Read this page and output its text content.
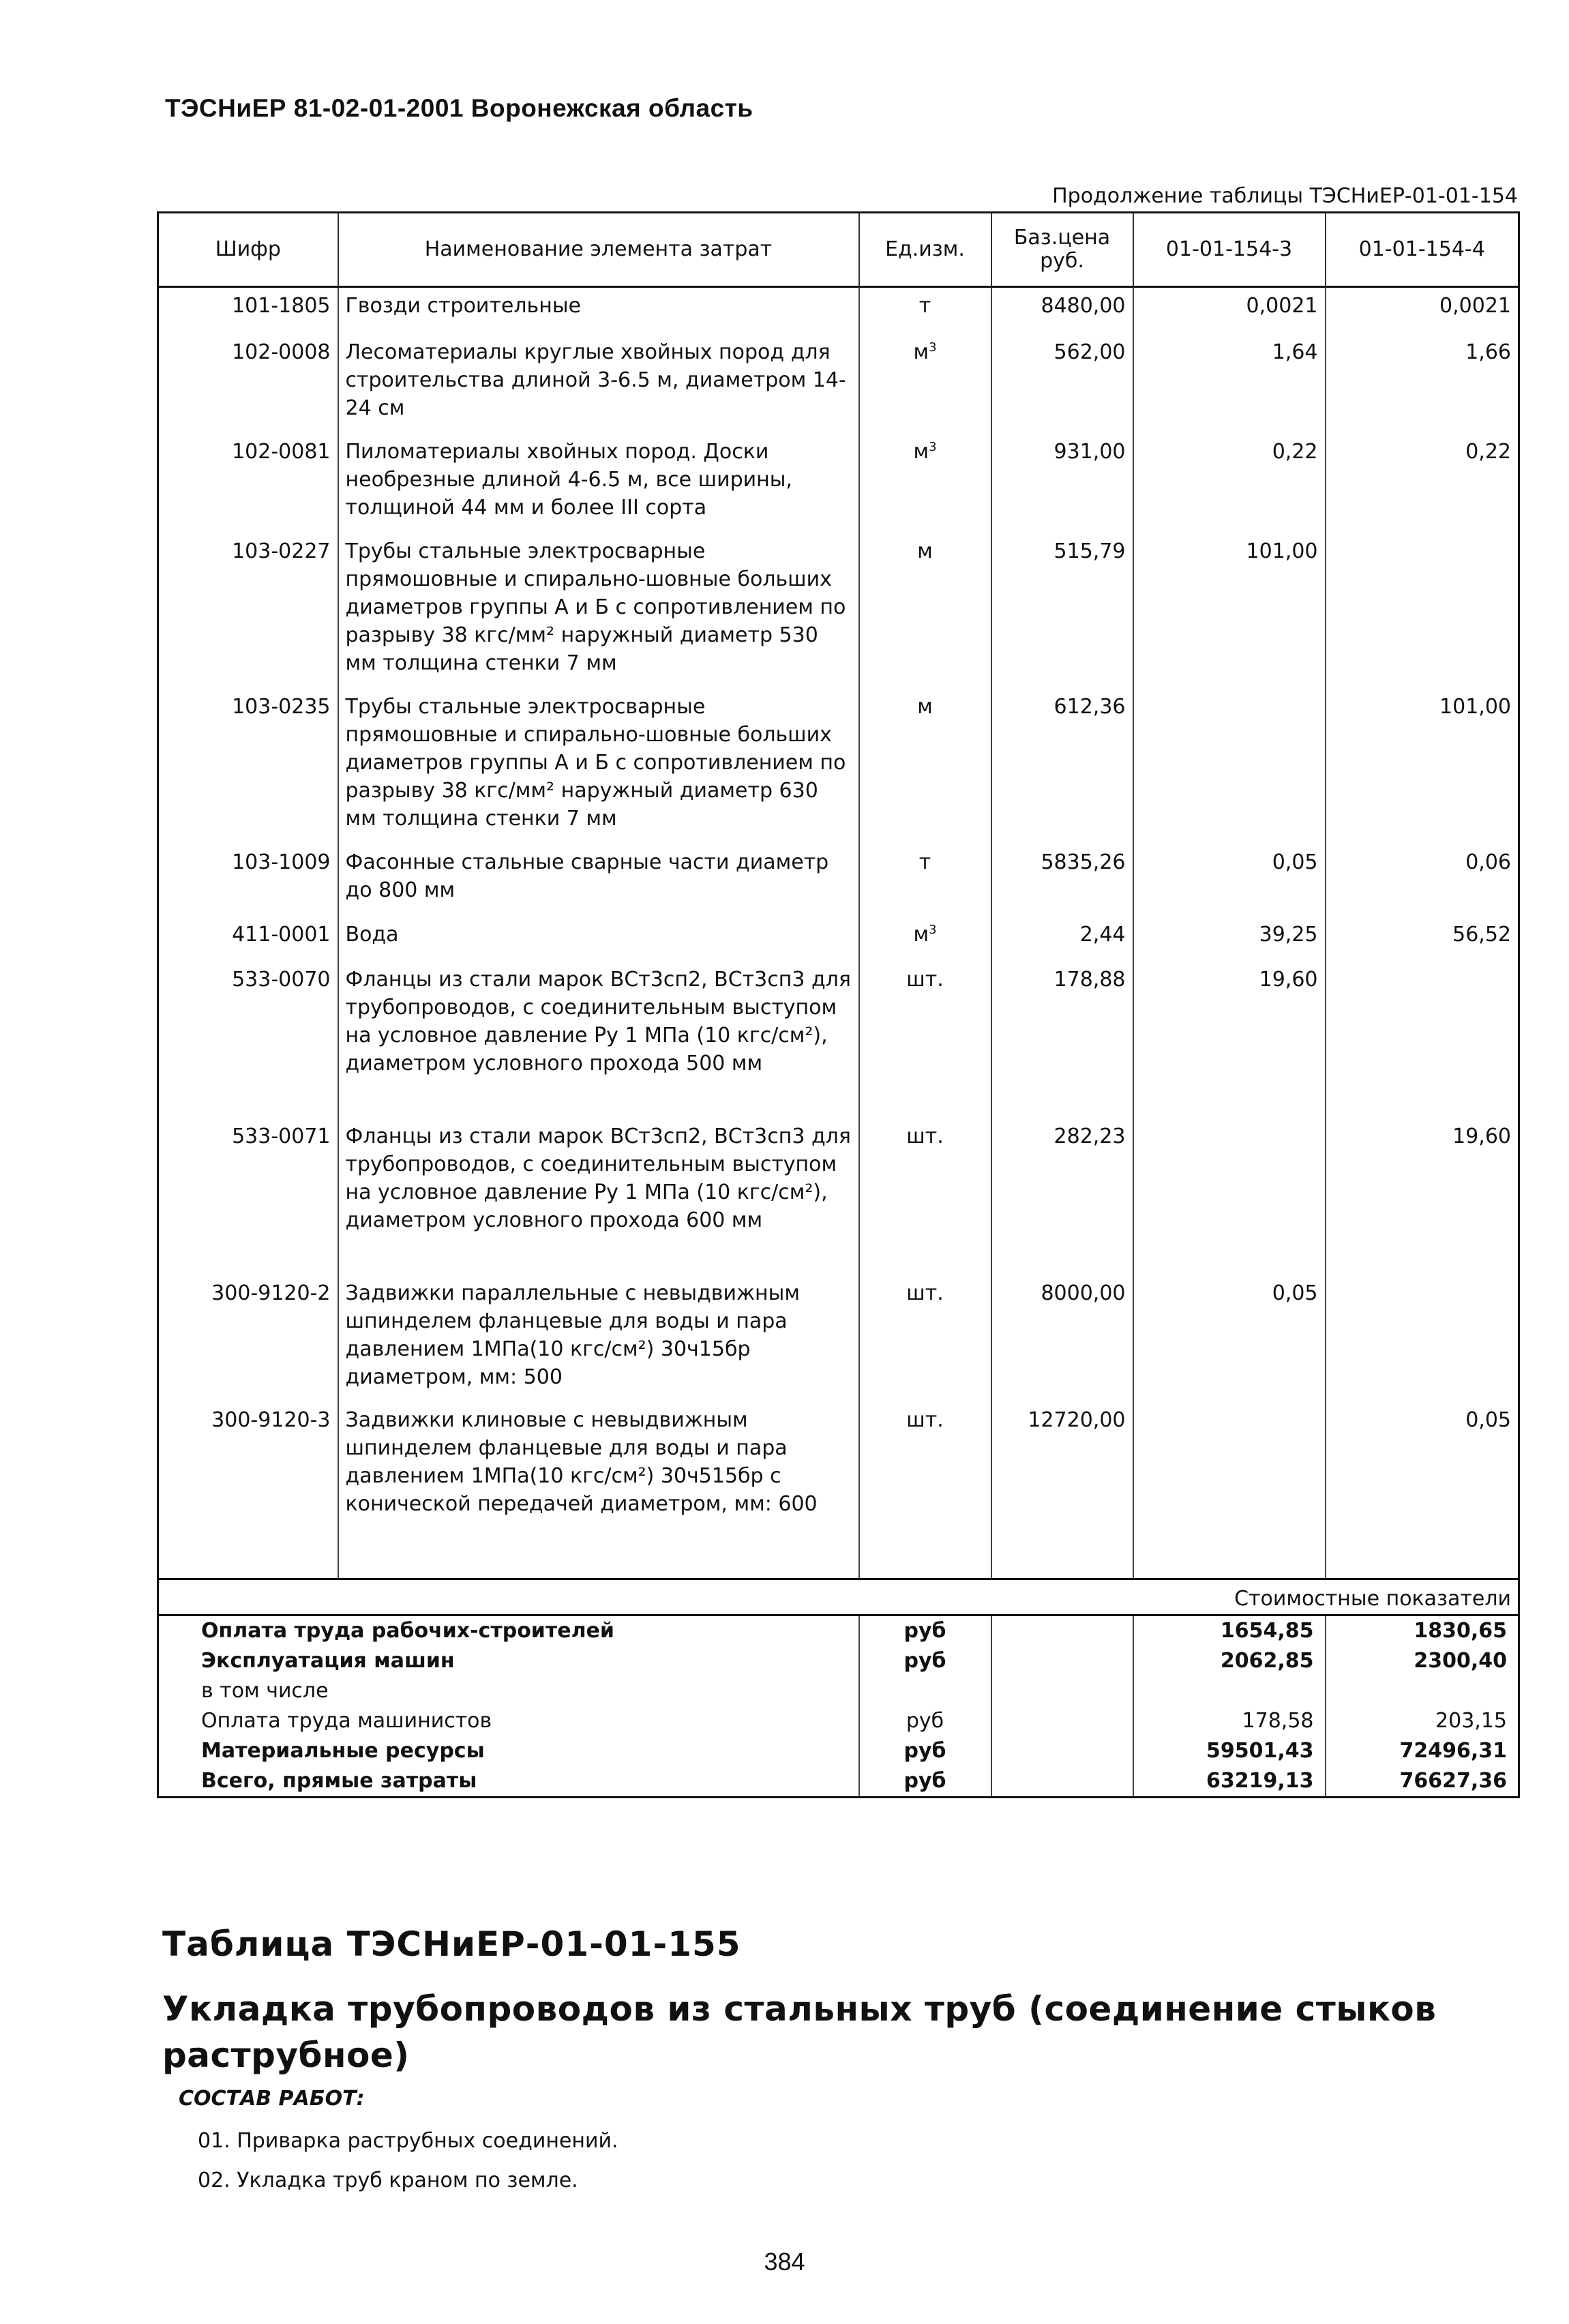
ТЭСНиЕР 81-02-01-2001 Воронежская область
Продолжение таблицы ТЭСНиЕР-01-01-154
Шифр	Наименование элемента затрат	Ед.изм.	Баз.цена руб.	01-01-154-3	01-01-154-4
101-1805	Гвозди строительные	т	8480,00	0,0021	0,0021
102-0008	Лесоматериалы круглые хвойных пород для строительства длиной 3-6.5 м, диаметром 14-24 см	$м^3$	562,00	1,64	1,66
102-0081	Пиломатериалы хвойных пород. Доски необрезные длиной 4-6.5 м, все ширины, толщиной 44 мм и более III сорта	$м^3$	931,00	0,22	0,22
103-0227	Трубы стальные электросварные прямошовные и спирально-шовные больших диаметров группы А и Б с сопротивлением по разрыву 38 кгс/мм² наружный диаметр 530 мм толщина стенки 7 мм	м	515,79	101,00	
103-0235	Трубы стальные электросварные прямошовные и спирально-шовные больших диаметров группы А и Б с сопротивлением по разрыву 38 кгс/мм² наружный диаметр 630 мм толщина стенки 7 мм	м	612,36		101,00
103-1009	Фасонные стальные сварные части диаметр до 800 мм	т	5835,26	0,05	0,06
411-0001	Вода	$м^3$	2,44	39,25	56,52
533-0070	Фланцы из стали марок ВСт3сп2, ВСт3сп3 для трубопроводов, с соединительным выступом на условное давление Ру 1 МПа (10 кгс/см²), диаметром условного прохода 500 мм	шт.	178,88	19,60	
533-0071	Фланцы из стали марок ВСт3сп2, ВСт3сп3 для трубопроводов, с соединительным выступом на условное давление Ру 1 МПа (10 кгс/см²), диаметром условного прохода 600 мм	шт.	282,23		19,60
300-9120-2	Задвижки параллельные с невыдвижным шпинделем фланцевые для воды и пара давлением 1МПа(10 кгс/см²) 30ч15бр диаметром, мм: 500	шт.	8000,00	0,05	
300-9120-3	Задвижки клиновые с невыдвижным шпинделем фланцевые для воды и пара давлением 1МПа(10 кгс/см²) 30ч515бр с конической передачей диаметром, мм: 600	шт.	12720,00		0,05

Стоимостные показатели					
Оплата труда рабочих-строителей		руб		1654,85	1830,65
Эксплуатация машин		руб		2062,85	2300,40
в том числе					
Оплата труда машинистов		руб		178,58	203,15
Материальные ресурсы		руб		59501,43	72496,31
Всего, прямые затраты		руб		63219,13	76627,36
Таблица ТЭСНиЕР-01-01-155
Укладка трубопроводов из стальных труб (соединение стыков раструбное)
СОСТАВ РАБОТ:
01. Приварка раструбных соединений.
02. Укладка труб краном по земле.
384
